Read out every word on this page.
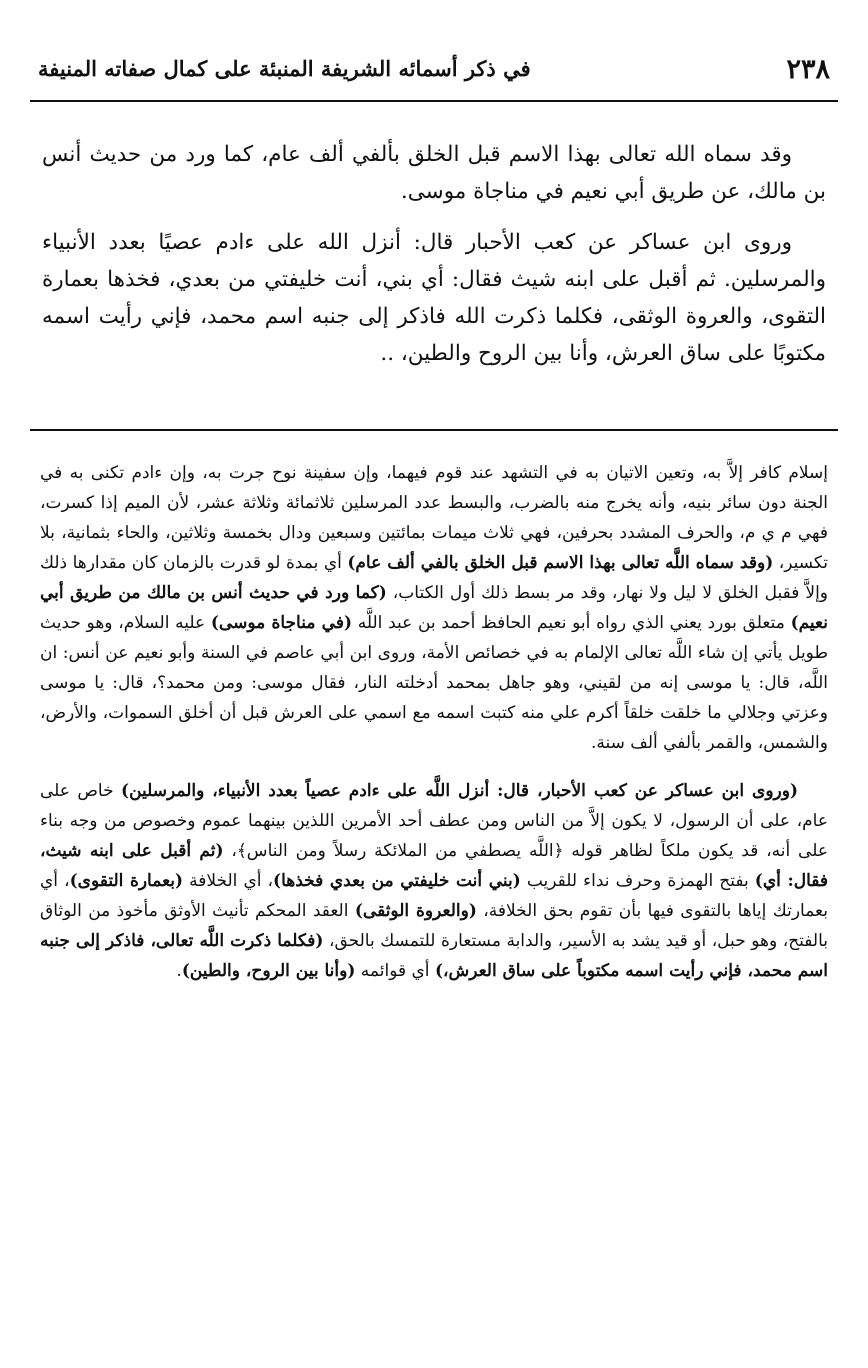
٢٣٨
في ذكر أسمائه الشريفة المنبئة على كمال صفاته المنيفة

وقد سماه الله تعالى بهذا الاسم قبل الخلق بألفي ألف عام، كما ورد من حديث أنس بن مالك، عن طريق أبي نعيم في مناجاة موسى.

وروى ابن عساكر عن كعب الأحبار قال: أنزل الله على ءادم عصيًا بعدد الأنبياء والمرسلين. ثم أقبل على ابنه شيث فقال: أي بني، أنت خليفتي من بعدي، فخذها بعمارة التقوى، والعروة الوثقى، فكلما ذكرت الله فاذكر إلى جنبه اسم محمد، فإني رأيت اسمه مكتوبًا على ساق العرش، وأنا بين الروح والطين، ..

إسلام كافر إلاَّ به، وتعين الاتيان به في التشهد عند قوم فيهما، وإن سفينة نوح جرت به، وإن ءادم تكنى به في الجنة دون سائر بنيه، وأنه يخرج منه بالضرب، والبسط عدد المرسلين ثلاثمائة وثلاثة عشر، لأن الميم إذا كسرت، فهي م ي م، والحرف المشدد بحرفين، فهي ثلاث ميمات بمائتين وسبعين ودال بخمسة وثلاثين، والحاء بثمانية، بلا تكسير، (وقد سماه اللَّه تعالى بهذا الاسم قبل الخلق بالفي ألف عام) أي بمدة لو قدرت بالزمان كان مقدارها ذلك وإلاَّ فقبل الخلق لا ليل ولا نهار، وقد مر بسط ذلك أول الكتاب، (كما ورد في حديث أنس بن مالك من طريق أبي نعيم) متعلق بورد يعني الذي رواه أبو نعيم الحافظ أحمد بن عبد اللَّه (في مناجاة موسى) عليه السلام، وهو حديث طويل يأتي إن شاء اللَّه تعالى الإلمام به في خصائص الأمة، وروى ابن أبي عاصم في السنة وأبو نعيم عن أنس: ان اللَّه، قال: يا موسى إنه من لقيني، وهو جاهل بمحمد أدخلته النار، فقال موسى: ومن محمد؟، قال: يا موسى وعزتي وجلالي ما خلقت خلقاً أكرم علي منه كتبت اسمه مع اسمي على العرش قبل أن أخلق السموات، والأرض، والشمس، والقمر بألفي ألف سنة.

(وروى ابن عساكر عن كعب الأحبار، قال: أنزل اللَّه على ءادم عصياً بعدد الأنبياء، والمرسلين) خاص على عام، على أن الرسول، لا يكون إلاَّ من الناس ومن عطف أحد الأمرين اللذين بينهما عموم وخصوص من وجه بناء على أنه، قد يكون ملكاً لظاهر قوله ﴿اللَّه يصطفي من الملائكة رسلاً ومن الناس﴾، (ثم أقبل على ابنه شيث، فقال: أي) بفتح الهمزة وحرف نداء للقريب (بني أنت خليفتي من بعدي فخذها)، أي الخلافة (بعمارة التقوى)، أي بعمارتك إياها بالتقوى فيها بأن تقوم بحق الخلافة، (والعروة الوثقى) العقد المحكم تأنيث الأوثق مأخوذ من الوثاق بالفتح، وهو حبل، أو قيد يشد به الأسير، والدابة مستعارة للتمسك بالحق، (فكلما ذكرت اللَّه تعالى، فاذكر إلى جنبه اسم محمد، فإني رأيت اسمه مكتوباً على ساق العرش،) أي قوائمه (وأنا بين الروح، والطين).
